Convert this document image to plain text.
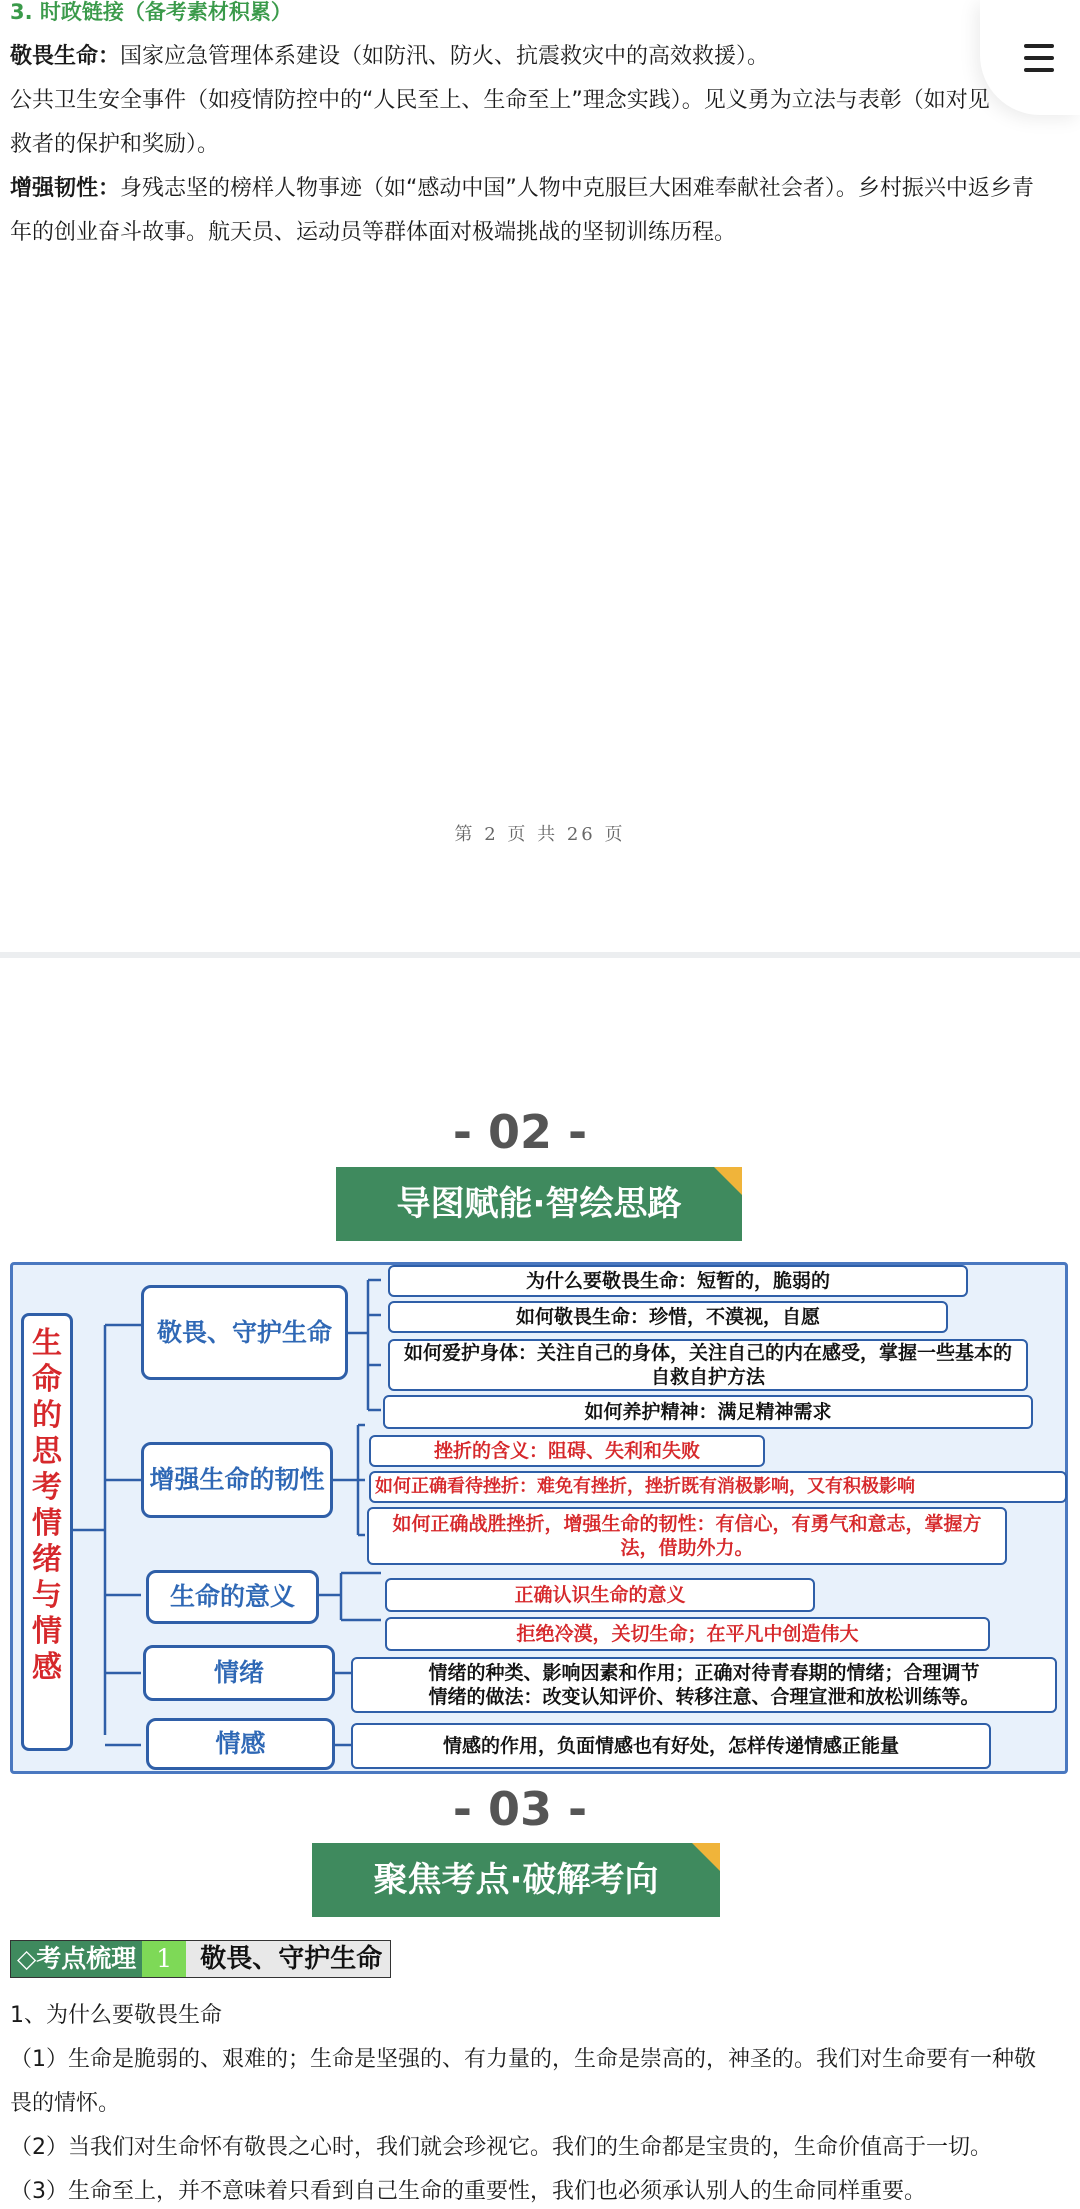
3. 时政链接（备考素材积累）
敬畏生命：国家应急管理体系建设（如防汛、防火、抗震救灾中的高效救援）。
公共卫生安全事件（如疫情防控中的“人民至上、生命至上”理念实践）。见义勇为立法与表彰（如对见
救者的保护和奖励）。
增强韧性：身残志坚的榜样人物事迹（如“感动中国”人物中克服巨大困难奉献社会者）。乡村振兴中返乡青
年的创业奋斗故事。航天员、运动员等群体面对极端挑战的坚韧训练历程。
第 2 页 共 26 页
- 02 -
导图赋能·智绘思路
生命的思考情绪与情感
敬畏、守护生命
增强生命的韧性
生命的意义
情绪
情感
为什么要敬畏生命：短暂的，脆弱的
如何敬畏生命：珍惜，不漠视，自愿
如何爱护身体：关注自己的身体，关注自己的内在感受，掌握一些基本的自救自护方法
如何养护精神：满足精神需求
挫折的含义：阻碍、失利和失败
如何正确看待挫折：难免有挫折，挫折既有消极影响，又有积极影响
如何正确战胜挫折，增强生命的韧性：有信心，有勇气和意志，掌握方法，借助外力。
正确认识生命的意义
拒绝冷漠，关切生命；在平凡中创造伟大
情绪的种类、影响因素和作用；正确对待青春期的情绪；合理调节
情绪的做法：改变认知评价、转移注意、合理宣泄和放松训练等。
情感的作用，负面情感也有好处，怎样传递情感正能量
- 03 -
聚焦考点·破解考向
◇考点梳理 1	敬畏、守护生命
1、为什么要敬畏生命
（1）生命是脆弱的、艰难的；生命是坚强的、有力量的，生命是崇高的，神圣的。我们对生命要有一种敬
畏的情怀。
（2）当我们对生命怀有敬畏之心时，我们就会珍视它。我们的生命都是宝贵的，生命价值高于一切。
（3）生命至上，并不意味着只看到自己生命的重要性，我们也必须承认别人的生命同样重要。
